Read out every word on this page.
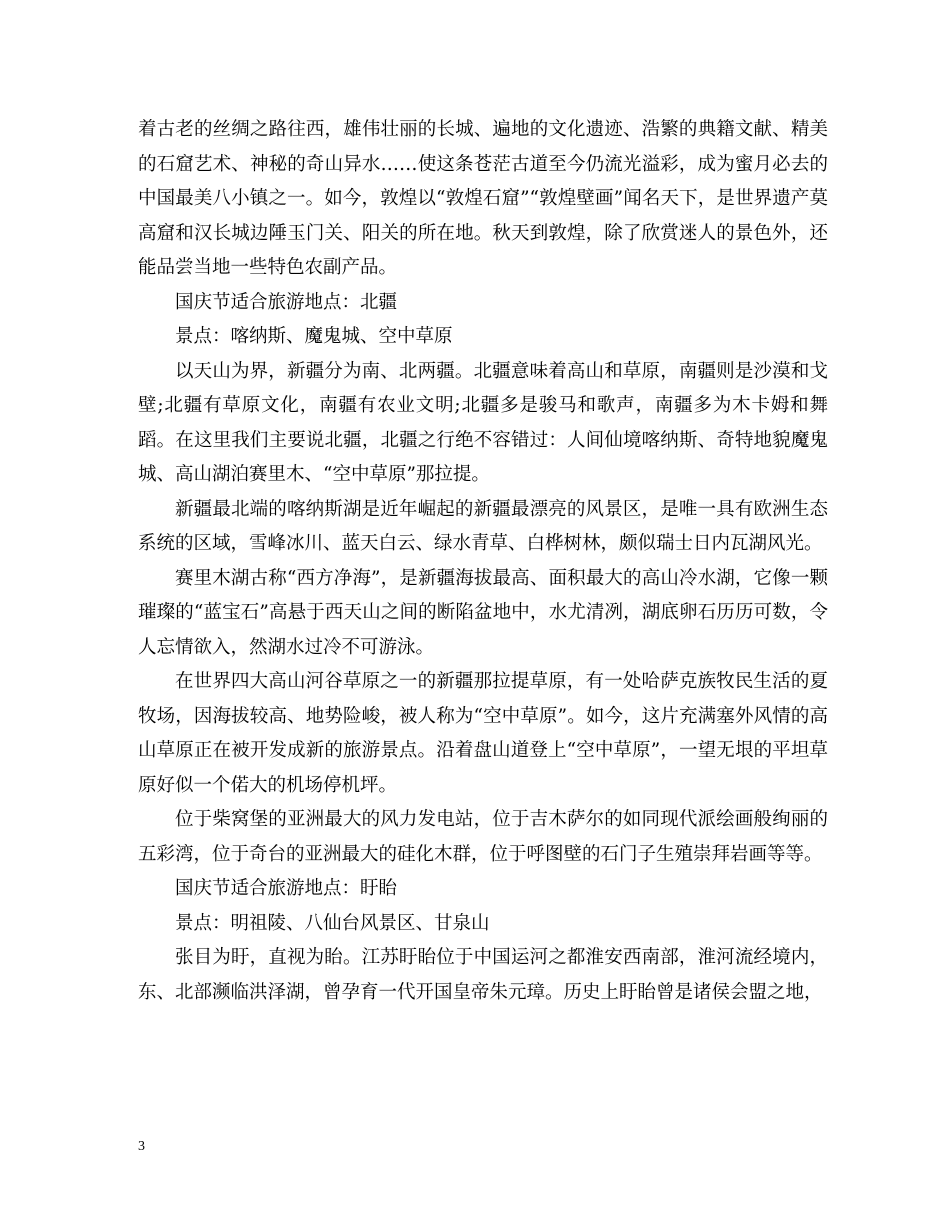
着古老的丝绸之路往西，雄伟壮丽的长城、遍地的文化遗迹、浩繁的典籍文献、精美的石窟艺术、神秘的奇山异水……使这条苍茫古道至今仍流光溢彩，成为蜜月必去的中国最美八小镇之一。如今，敦煌以“敦煌石窟”“敦煌壁画”闻名天下，是世界遗产莫高窟和汉长城边陲玉门关、阳关的所在地。秋天到敦煌，除了欣赏迷人的景色外，还能品尝当地一些特色农副产品。

国庆节适合旅游地点：北疆

景点：喀纳斯、魔鬼城、空中草原

以天山为界，新疆分为南、北两疆。北疆意味着高山和草原，南疆则是沙漠和戈壁;北疆有草原文化，南疆有农业文明;北疆多是骏马和歌声，南疆多为木卡姆和舞蹈。在这里我们主要说北疆，北疆之行绝不容错过：人间仙境喀纳斯、奇特地貌魔鬼城、高山湖泊赛里木、“空中草原”那拉提。

新疆最北端的喀纳斯湖是近年崛起的新疆最漂亮的风景区，是唯一具有欧洲生态系统的区域，雪峰冰川、蓝天白云、绿水青草、白桦树林，颇似瑞士日内瓦湖风光。

赛里木湖古称“西方净海”，是新疆海拔最高、面积最大的高山冷水湖，它像一颗璀璨的“蓝宝石”高悬于西天山之间的断陷盆地中，水尤清冽，湖底卵石历历可数，令人忘情欲入，然湖水过冷不可游泳。

在世界四大高山河谷草原之一的新疆那拉提草原，有一处哈萨克族牧民生活的夏牧场，因海拔较高、地势险峻，被人称为“空中草原”。如今，这片充满塞外风情的高山草原正在被开发成新的旅游景点。沿着盘山道登上“空中草原”，一望无垠的平坦草原好似一个偌大的机场停机坪。

位于柴窝堡的亚洲最大的风力发电站，位于吉木萨尔的如同现代派绘画般绚丽的五彩湾，位于奇台的亚洲最大的硅化木群，位于呼图壁的石门子生殖崇拜岩画等等。

国庆节适合旅游地点：盱眙

景点：明祖陵、八仙台风景区、甘泉山

张目为盱，直视为眙。江苏盱眙位于中国运河之都淮安西南部，淮河流经境内，东、北部濒临洪泽湖，曾孕育一代开国皇帝朱元璋。历史上盱眙曾是诸侯会盟之地，

3
